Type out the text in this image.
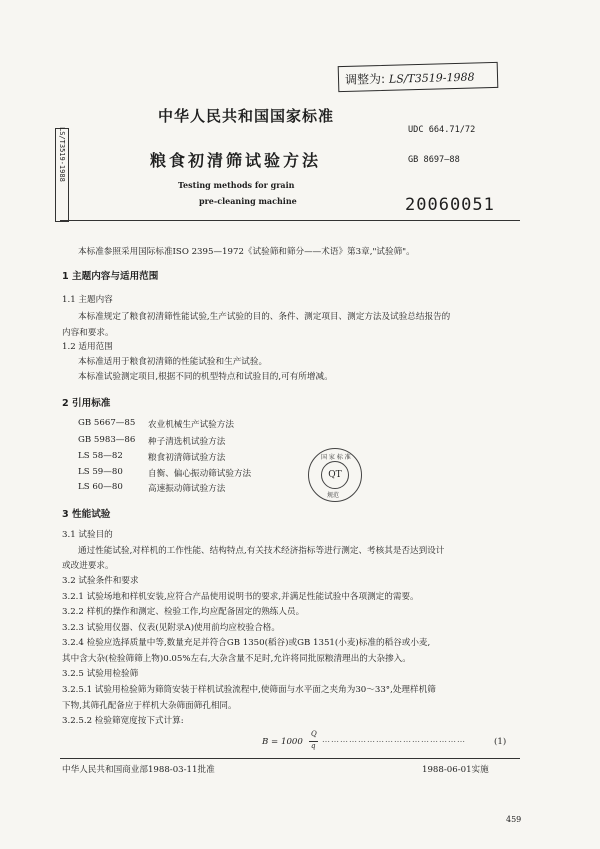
调整为: LS/T3519-1988
LS/T3519-1988
中华人民共和国国家标准
UDC 664.71/72
粮食初清筛试验方法	GB 8697—88
Testing methods for grain
pre-cleaning machine	20060051
本标准参照采用国际标准ISO 2395—1972《试验筛和筛分——术语》第3章,"试验筛"。
1 主题内容与适用范围
1.1 主题内容
本标准规定了粮食初清筛性能试验,生产试验的目的、条件、测定项目、测定方法及试验总结报告的
内容和要求。
1.2 适用范围
本标准适用于粮食初清筛的性能试验和生产试验。
本标准试验测定项目,根据不同的机型特点和试验目的,可有所增减。
2 引用标准
GB 5667—85 农业机械生产试验方法
GB 5983—86 种子清选机试验方法
LS 58—82	粮食初清筛试验方法
LS 59—80	自衡、偏心振动筛试验方法
LS 60—80	高速振动筛试验方法
国 家 标 准
QT
规范
3 性能试验
3.1 试验目的
通过性能试验,对样机的工作性能、结构特点,有关技术经济指标等进行测定、考核其是否达到设计
或改进要求。
3.2 试验条件和要求
3.2.1 试验场地和样机安装,应符合产品使用说明书的要求,并满足性能试验中各项测定的需要。
3.2.2 样机的操作和测定、检验工作,均应配备固定的熟练人员。
3.2.3 试验用仪器、仪表(见附录A)使用前均应校验合格。
3.2.4 检验应选择质量中等,数量充足并符合GB 1350(稻谷)或GB 1351(小麦)标准的稻谷或小麦,
其中含大杂(检验筛筛上物)0.05%左右,大杂含量不足时,允许将同批原粮清理出的大杂掺入。
3.2.5 试验用检验筛
3.2.5.1 试验用检验筛为筛筒安装于样机试验流程中,使筛面与水平面之夹角为30～33°,处理样机筛
下物,其筛孔配备应于样机大杂筛面筛孔相同。
3.2.5.2 检验筛宽度按下式计算:
B = 1000
Q
q
…………………………………………	(1)
中华人民共和国商业部1988-03-11批准	1988-06-01实施
459
